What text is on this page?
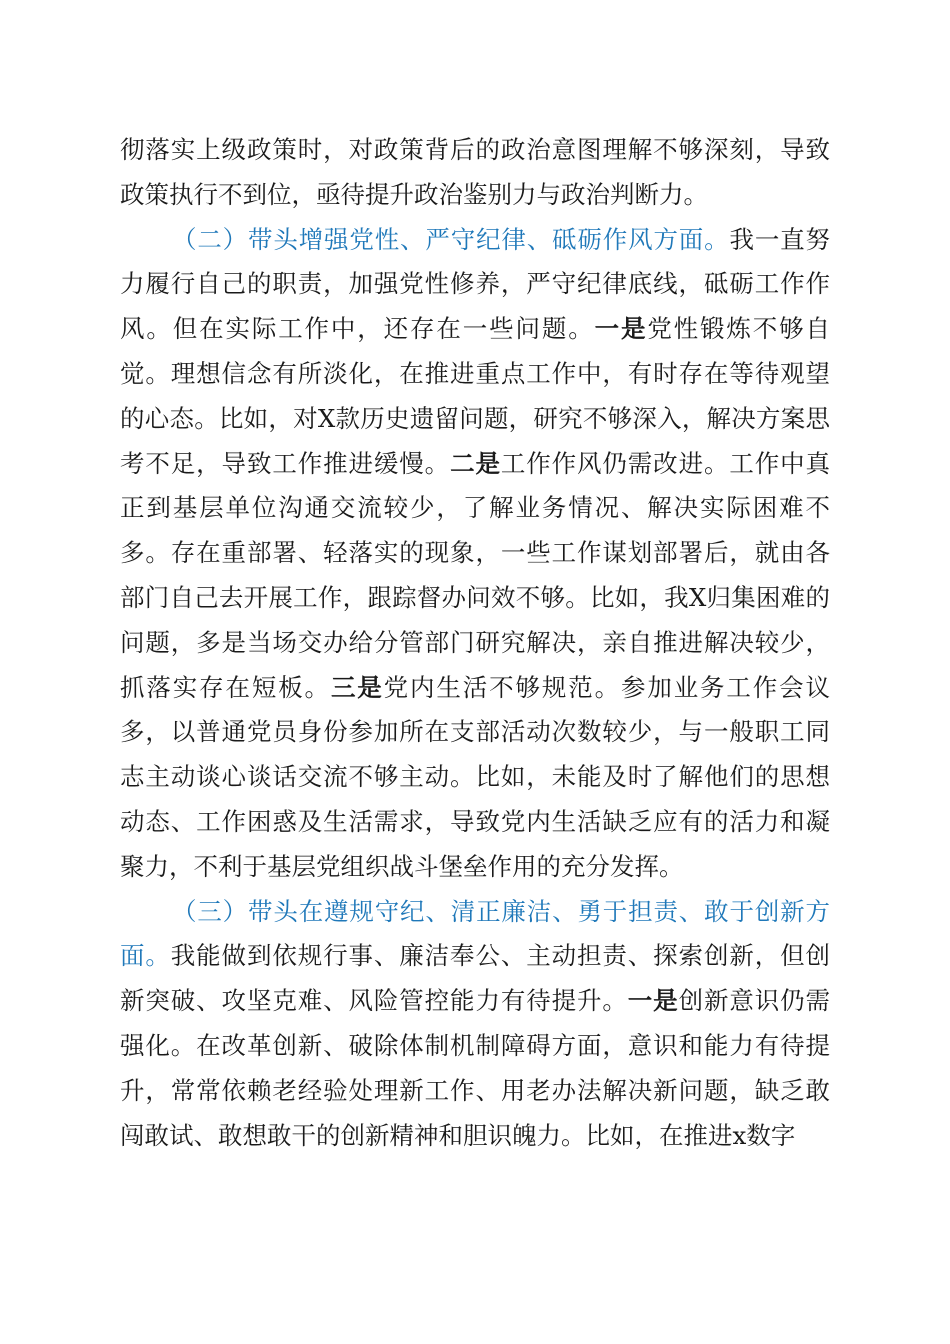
彻落实上级政策时，对政策背后的政治意图理解不够深刻，导致政策执行不到位，亟待提升政治鉴别力与政治判断力。

（二）带头增强党性、严守纪律、砥砺作风方面。我一直努力履行自己的职责，加强党性修养，严守纪律底线，砥砺工作作风。但在实际工作中，还存在一些问题。一是党性锻炼不够自觉。理想信念有所淡化，在推进重点工作中，有时存在等待观望的心态。比如，对X款历史遗留问题，研究不够深入，解决方案思考不足，导致工作推进缓慢。二是工作作风仍需改进。工作中真正到基层单位沟通交流较少，了解业务情况、解决实际困难不多。存在重部署、轻落实的现象，一些工作谋划部署后，就由各部门自己去开展工作，跟踪督办问效不够。比如，我X归集困难的问题，多是当场交办给分管部门研究解决，亲自推进解决较少，抓落实存在短板。三是党内生活不够规范。参加业务工作会议多，以普通党员身份参加所在支部活动次数较少，与一般职工同志主动谈心谈话交流不够主动。比如，未能及时了解他们的思想动态、工作困惑及生活需求，导致党内生活缺乏应有的活力和凝聚力，不利于基层党组织战斗堡垒作用的充分发挥。

（三）带头在遵规守纪、清正廉洁、勇于担责、敢于创新方面。我能做到依规行事、廉洁奉公、主动担责、探索创新，但创新突破、攻坚克难、风险管控能力有待提升。一是创新意识仍需强化。在改革创新、破除体制机制障碍方面，意识和能力有待提升，常常依赖老经验处理新工作、用老办法解决新问题，缺乏敢闯敢试、敢想敢干的创新精神和胆识魄力。比如，在推进x数字
